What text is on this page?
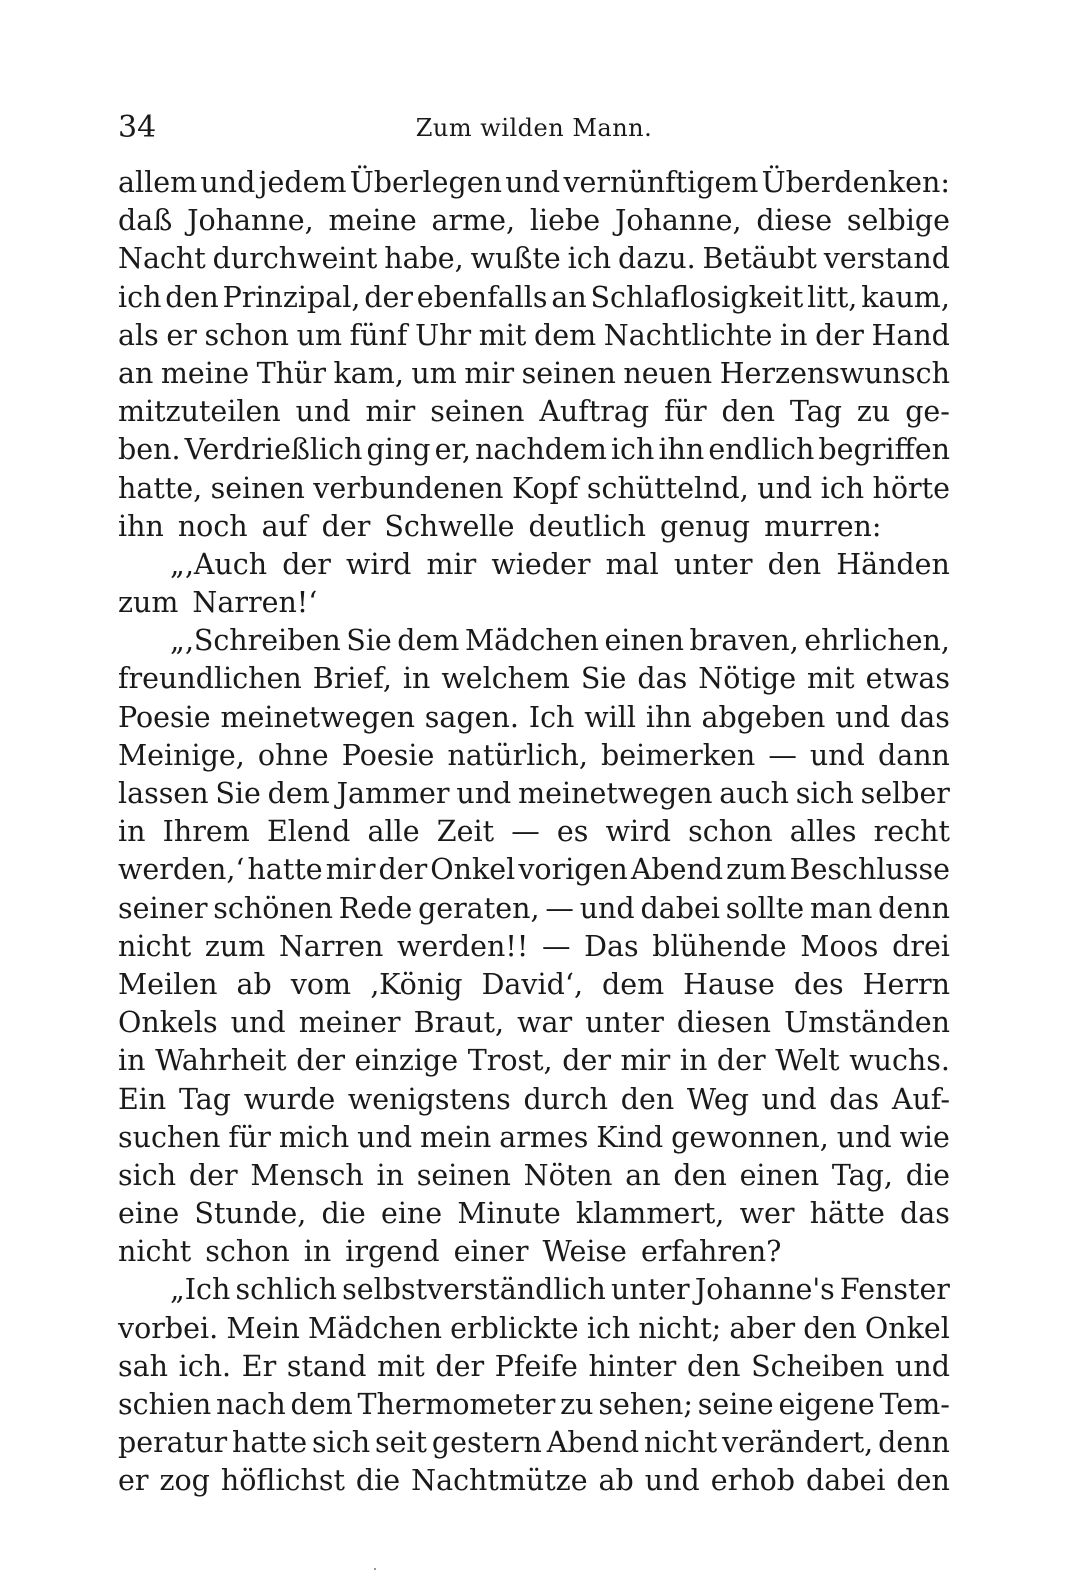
34	Zum wilden Mann.
allem und jedem Überlegen und vernünftigem Überdenken:
daß Johanne, meine arme, liebe Johanne, diese selbige
Nacht durchweint habe, wußte ich dazu. Betäubt verstand
ich den Prinzipal, der ebenfalls an Schlaflosigkeit litt, kaum,
als er schon um fünf Uhr mit dem Nachtlichte in der Hand
an meine Thür kam, um mir seinen neuen Herzenswunsch
mitzuteilen und mir seinen Auftrag für den Tag zu ge-
ben. Verdrießlich ging er, nachdem ich ihn endlich begriffen
hatte, seinen verbundenen Kopf schüttelnd, und ich hörte
ihn noch auf der Schwelle deutlich genug murren:
„‚Auch der wird mir wieder mal unter den Händen
zum Narren!‘
„‚Schreiben Sie dem Mädchen einen braven, ehrlichen,
freundlichen Brief, in welchem Sie das Nötige mit etwas
Poesie meinetwegen sagen. Ich will ihn abgeben und das
Meinige, ohne Poesie natürlich, beimerken — und dann
lassen Sie dem Jammer und meinetwegen auch sich selber
in Ihrem Elend alle Zeit — es wird schon alles recht
werden,‘ hatte mir der Onkel vorigen Abend zum Beschlusse
seiner schönen Rede geraten, — und dabei sollte man denn
nicht zum Narren werden!! — Das blühende Moos drei
Meilen ab vom ‚König David‘, dem Hause des Herrn
Onkels und meiner Braut, war unter diesen Umständen
in Wahrheit der einzige Trost, der mir in der Welt wuchs.
Ein Tag wurde wenigstens durch den Weg und das Auf-
suchen für mich und mein armes Kind gewonnen, und wie
sich der Mensch in seinen Nöten an den einen Tag, die
eine Stunde, die eine Minute klammert, wer hätte das
nicht schon in irgend einer Weise erfahren?
„Ich schlich selbstverständlich unter Johanne's Fenster
vorbei. Mein Mädchen erblickte ich nicht; aber den Onkel
sah ich. Er stand mit der Pfeife hinter den Scheiben und
schien nach dem Thermometer zu sehen; seine eigene Tem-
peratur hatte sich seit gestern Abend nicht verändert, denn
er zog höflichst die Nachtmütze ab und erhob dabei den
